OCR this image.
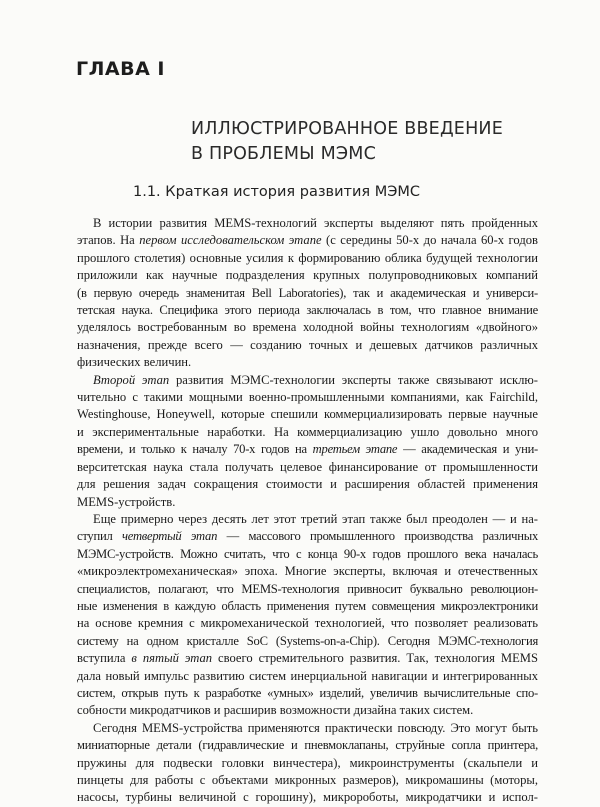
ГЛАВА I
ИЛЛЮСТРИРОВАННОЕ ВВЕДЕНИЕ
В ПРОБЛЕМЫ МЭМС
1.1. Краткая история развития МЭМС
В истории развития MEMS-технологий эксперты выделяют пять пройденных
этапов. На первом исследовательском этапе (с середины 50-х до начала 60-х годов
прошлого столетия) основные усилия к формированию облика будущей технологии
приложили как научные подразделения крупных полупроводниковых компаний
(в первую очередь знаменитая Bell Laboratories), так и академическая и универси-
тетская наука. Специфика этого периода заключалась в том, что главное внимание
уделялось востребованным во времена холодной войны технологиям «двойного»
назначения, прежде всего — созданию точных и дешевых датчиков различных
физических величин.
Второй этап развития МЭМС-технологии эксперты также связывают исклю-
чительно с такими мощными военно-промышленными компаниями, как Fairchild,
Westinghouse, Honeywell, которые спешили коммерциализировать первые научные
и экспериментальные наработки. На коммерциализацию ушло довольно много
времени, и только к началу 70-х годов на третьем этапе — академическая и уни-
верситетская наука стала получать целевое финансирование от промышленности
для решения задач сокращения стоимости и расширения областей применения
MEMS-устройств.
Еще примерно через десять лет этот третий этап также был преодолен — и на-
ступил четвертый этап — массового промышленного производства различных
МЭМС-устройств. Можно считать, что с конца 90-х годов прошлого века началась
«микроэлектромеханическая» эпоха. Многие эксперты, включая и отечественных
специалистов, полагают, что MEMS-технология привносит буквально революцион-
ные изменения в каждую область применения путем совмещения микроэлектроники
на основе кремния с микромеханической технологией, что позволяет реализовать
систему на одном кристалле SoC (Systems-on-a-Chip). Сегодня МЭМС-технология
вступила в пятый этап своего стремительного развития. Так, технология MEMS
дала новый импульс развитию систем инерциальной навигации и интегрированных
систем, открыв путь к разработке «умных» изделий, увеличив вычислительные спо-
собности микродатчиков и расширив возможности дизайна таких систем.
Сегодня MEMS-устройства применяются практически повсюду. Это могут быть
миниатюрные детали (гидравлические и пневмоклапаны, струйные сопла принтера,
пружины для подвески головки винчестера), микроинструменты (скальпели и
пинцеты для работы с объектами микронных размеров), микромашины (моторы,
насосы, турбины величиной с горошину), микророботы, микродатчики и испол-
